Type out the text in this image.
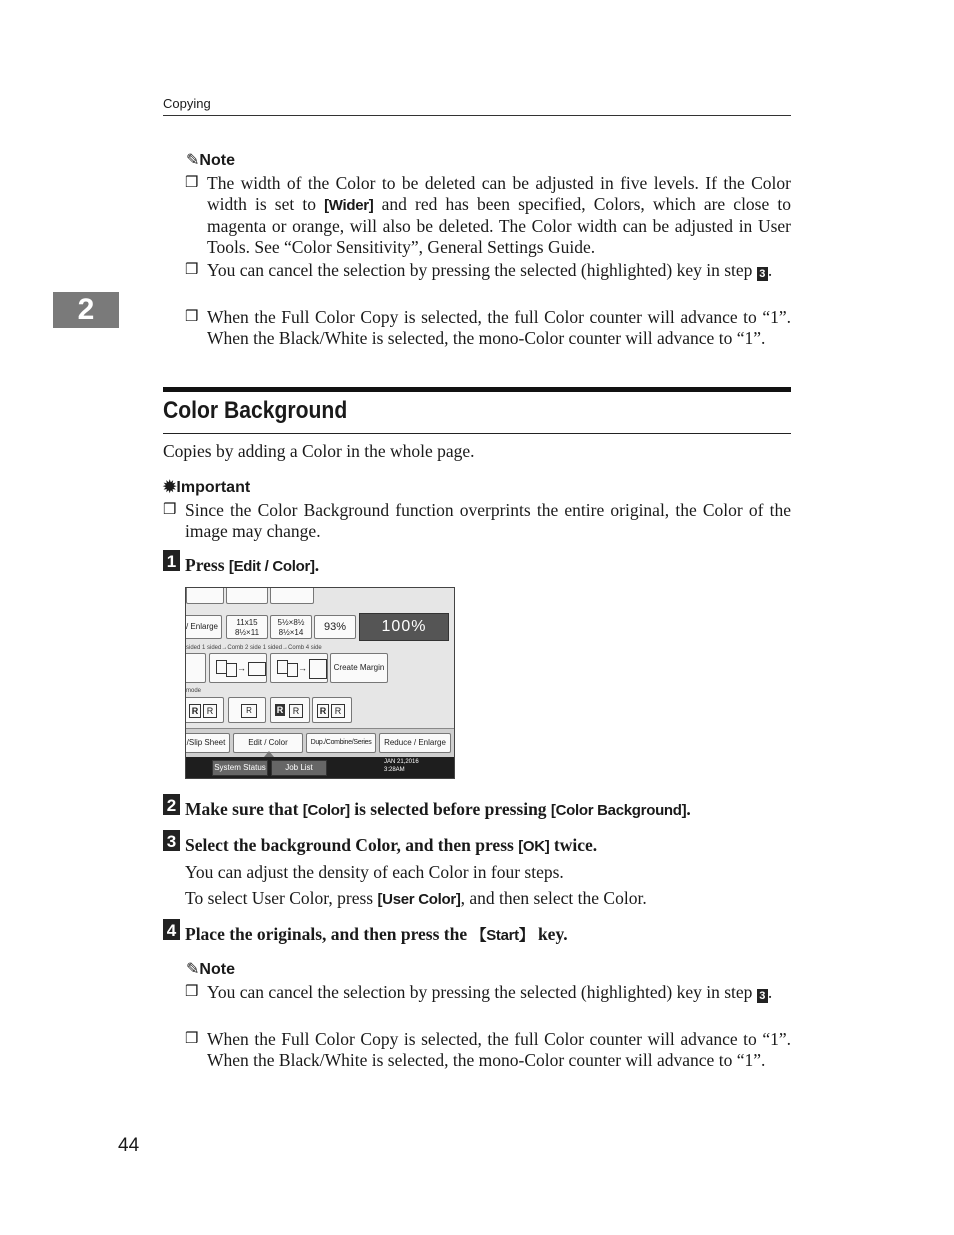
Copying
2
✎Note
❒ The width of the Color to be deleted can be adjusted in five levels. If the Color width is set to [Wider] and red has been specified, Colors, which are close to magenta or orange, will also be deleted. The Color width can be adjusted in User Tools. See “Color Sensitivity”, General Settings Guide.
❒ You can cancel the selection by pressing the selected (highlighted) key in step 3 .
❒ When the Full Color Copy is selected, the full Color counter will advance to “1”. When the Black/White is selected, the mono-Color counter will advance to “1”.
Color Background
Copies by adding a Color in the whole page.
✹Important
❒ Since the Color Background function overprints the entire original, the Color of the image may change.
1 Press [Edit / Color].
/ Enlarge	11x15
8½×11
5½×8½
8½×14	93%	100%
sided 1 sided→Comb 2 side 1 sided→Comb 4 side
→	→	Create Margin
mode
R R	R	R	R	R R
/Slip Sheet	Edit / Color	Dup./Combine/Series	Reduce / Enlarge
System Status	Job List
JAN 21,2016
3:28AM
2 Make sure that [Color] is selected before pressing [Color Background].
3 Select the background Color, and then press [OK] twice.
You can adjust the density of each Color in four steps.
To select User Color, press [User Color], and then select the Color.
4 Place the originals, and then press the 【Start】 key.
✎Note
❒ You can cancel the selection by pressing the selected (highlighted) key in step 3 .
❒ When the Full Color Copy is selected, the full Color counter will advance to “1”. When the Black/White is selected, the mono-Color counter will advance to “1”.
44
